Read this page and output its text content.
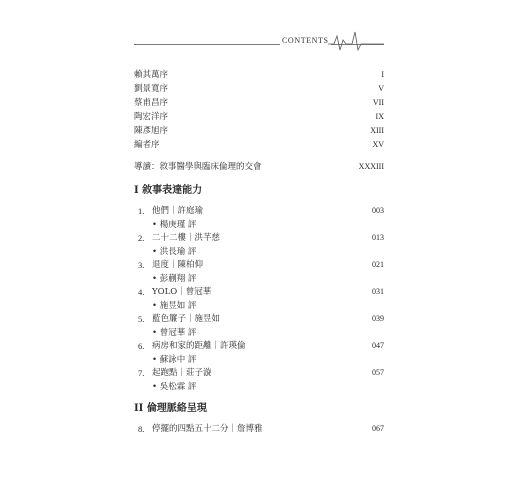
CONTENTS
賴其萬序	I
劉景寬序	V
蔡甫昌序	VII
陶宏洋序	IX
陳彥旭序	XIII
編者序	XV
導讀：敘事醫學與臨床倫理的交會	XXXIII
I 敘事表達能力
1. 他們｜許庭瑜	003
• 楊庚瑾 評
2. 二十二樓｜洪芊慈	013
• 洪長瑜 評
3. 退度｜陳柏仰	021
• 彭蒯翔 評
4. YOLO｜曾冠華	031
• 施昱如 評
5. 藍色簾子｜施昱如	039
• 曾冠華 評
6. 病房和家的距離｜許瑛倫	047
• 蘇詠中 評
7. 起跑點｜莊子漩	057
• 吳松霖 評
II 倫理脈絡呈現
8. 停擺的四點五十二分｜詹博雅	067
